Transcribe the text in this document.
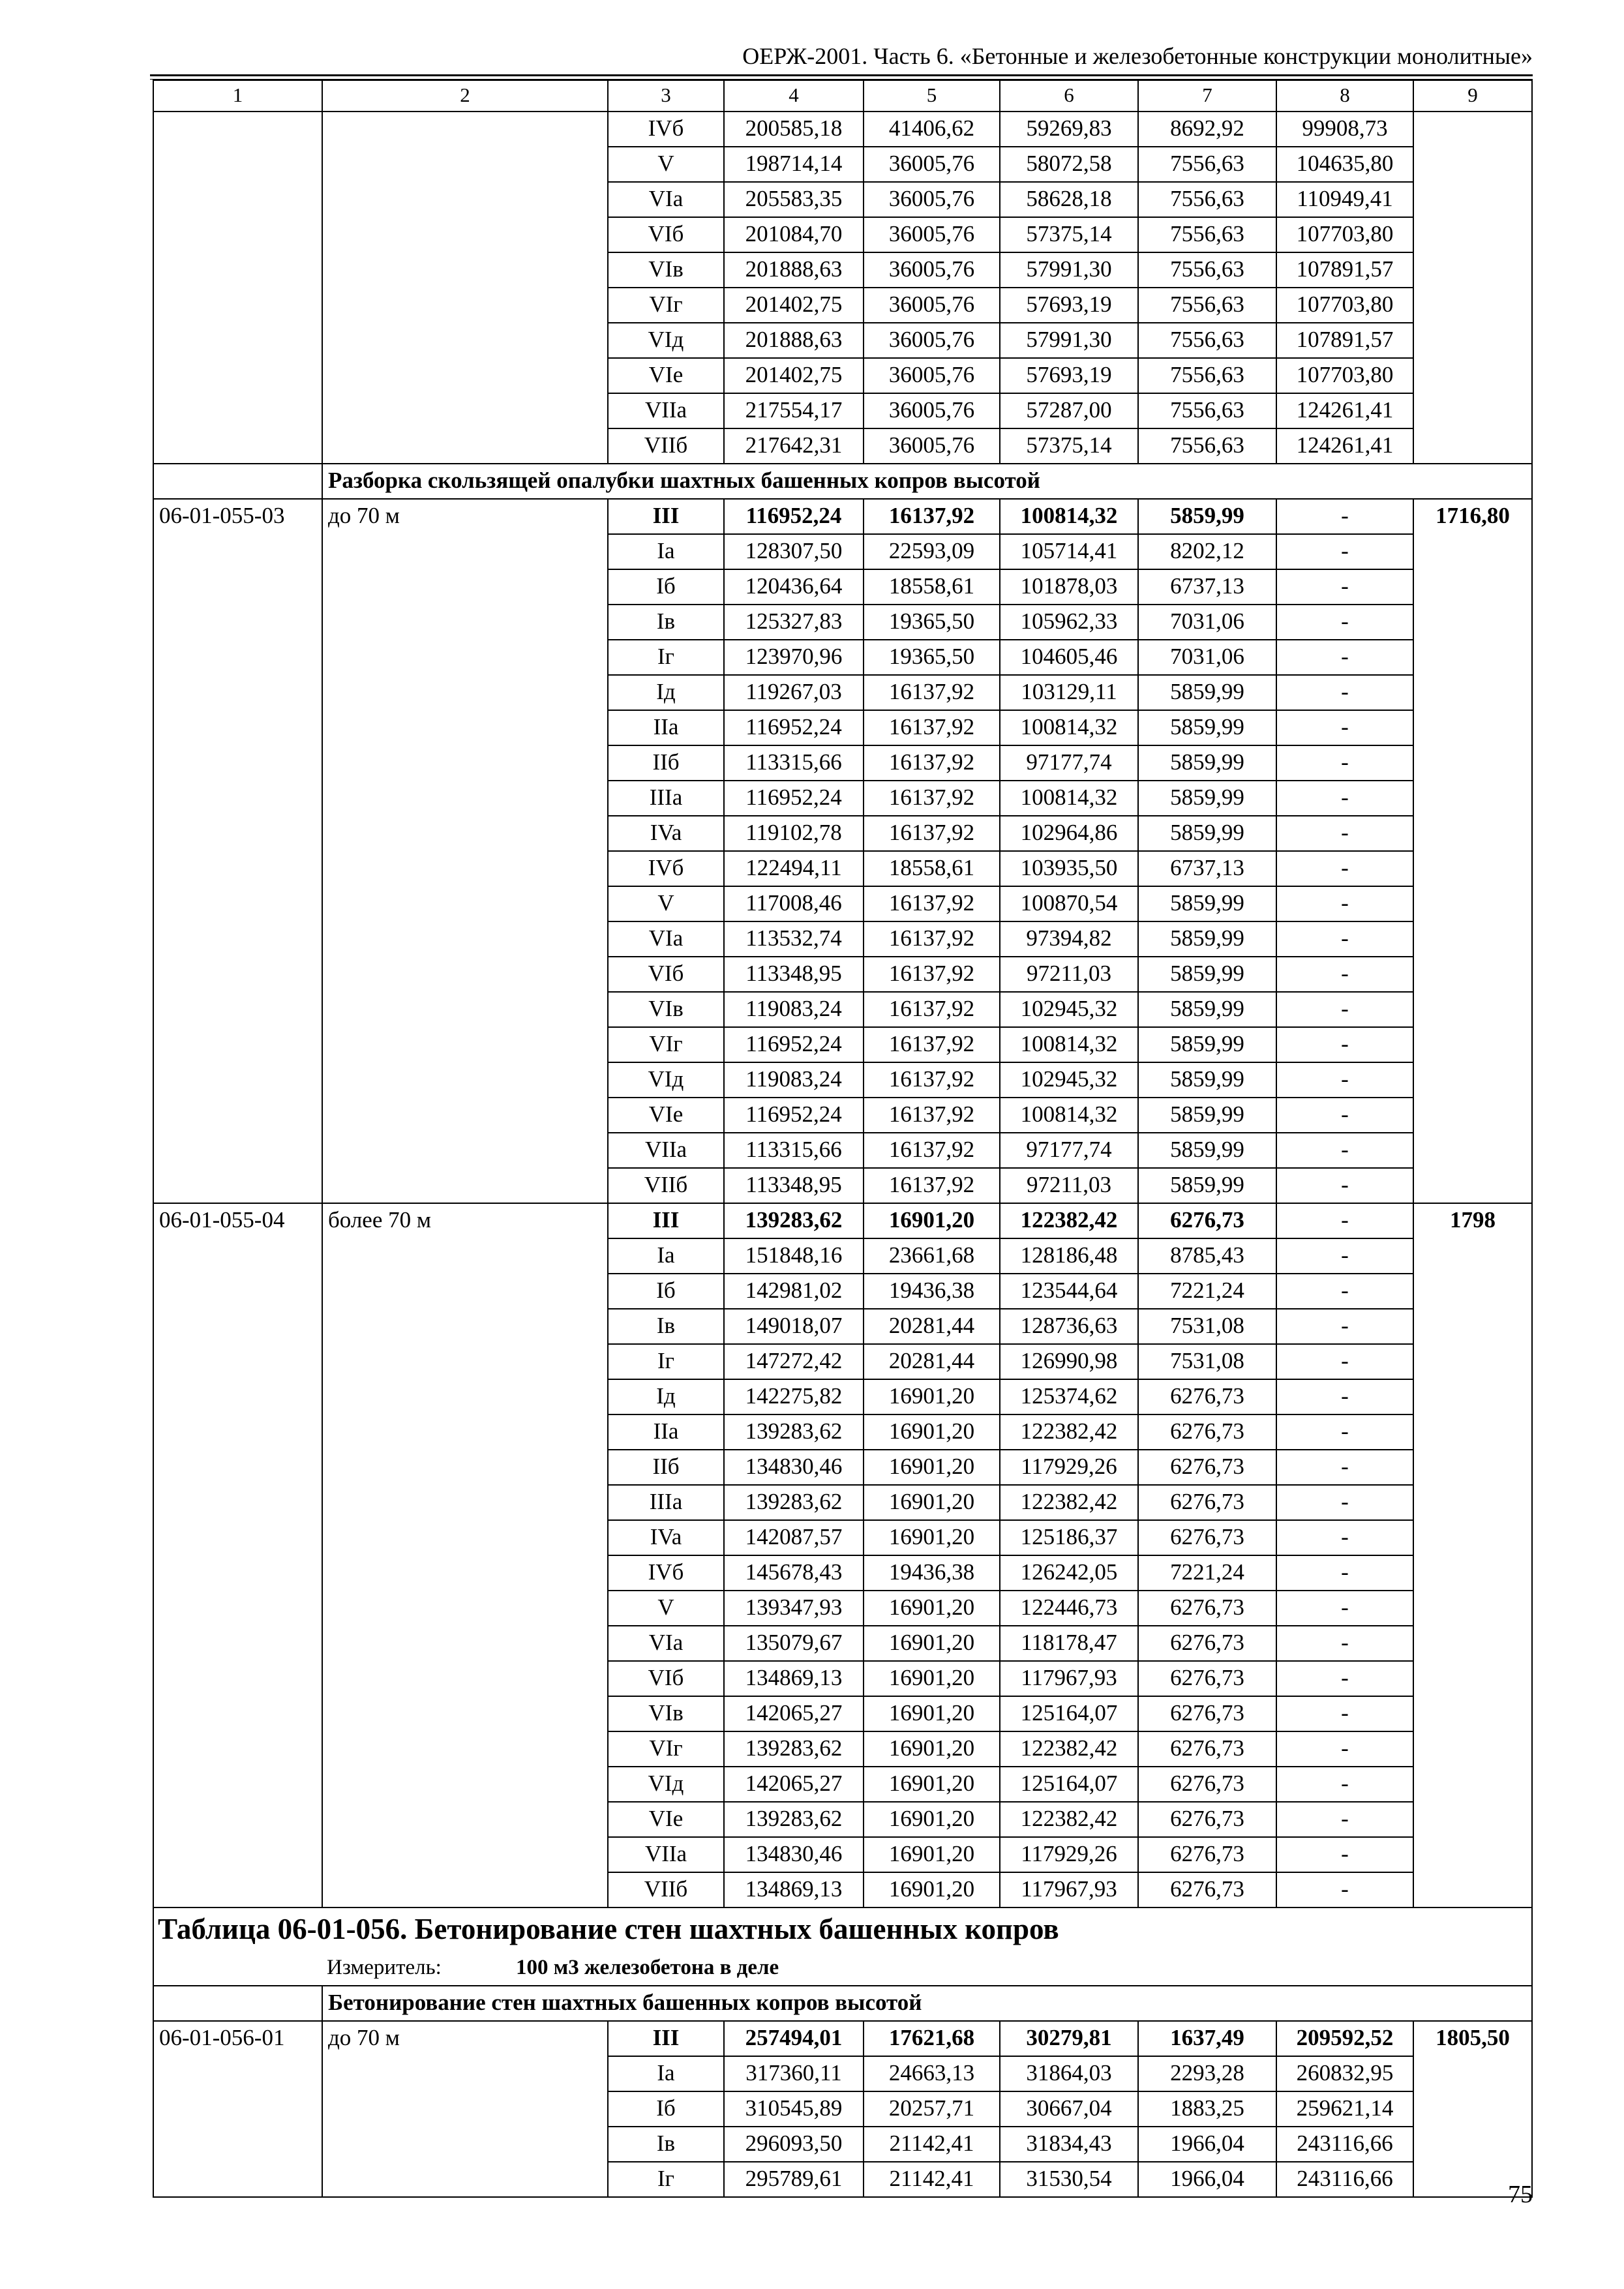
ОЕРЖ-2001. Часть 6. «Бетонные и железобетонные конструкции монолитные»
1	2	3	4	5	6	7	8	9
		IVб	200585,18	41406,62	59269,83	8692,92	99908,73	
		V	198714,14	36005,76	58072,58	7556,63	104635,80	
		VIa	205583,35	36005,76	58628,18	7556,63	110949,41	
		VIб	201084,70	36005,76	57375,14	7556,63	107703,80	
		VIв	201888,63	36005,76	57991,30	7556,63	107891,57	
		VIг	201402,75	36005,76	57693,19	7556,63	107703,80	
		VIд	201888,63	36005,76	57991,30	7556,63	107891,57	
		VIe	201402,75	36005,76	57693,19	7556,63	107703,80	
		VIIa	217554,17	36005,76	57287,00	7556,63	124261,41	
		VIIб	217642,31	36005,76	57375,14	7556,63	124261,41	
	Разборка скользящей опалубки шахтных башенных копров высотой							
06-01-055-03	до 70 м	III	116952,24	16137,92	100814,32	5859,99	-	1716,80
		Ia	128307,50	22593,09	105714,41	8202,12	-	
		Iб	120436,64	18558,61	101878,03	6737,13	-	
		Iв	125327,83	19365,50	105962,33	7031,06	-	
		Iг	123970,96	19365,50	104605,46	7031,06	-	
		Iд	119267,03	16137,92	103129,11	5859,99	-	
		IIa	116952,24	16137,92	100814,32	5859,99	-	
		IIб	113315,66	16137,92	97177,74	5859,99	-	
		IIIa	116952,24	16137,92	100814,32	5859,99	-	
		IVa	119102,78	16137,92	102964,86	5859,99	-	
		IVб	122494,11	18558,61	103935,50	6737,13	-	
		V	117008,46	16137,92	100870,54	5859,99	-	
		VIa	113532,74	16137,92	97394,82	5859,99	-	
		VIб	113348,95	16137,92	97211,03	5859,99	-	
		VIв	119083,24	16137,92	102945,32	5859,99	-	
		VIг	116952,24	16137,92	100814,32	5859,99	-	
		VIд	119083,24	16137,92	102945,32	5859,99	-	
		VIe	116952,24	16137,92	100814,32	5859,99	-	
		VIIa	113315,66	16137,92	97177,74	5859,99	-	
		VIIб	113348,95	16137,92	97211,03	5859,99	-	
06-01-055-04	более 70 м	III	139283,62	16901,20	122382,42	6276,73	-	1798
		Ia	151848,16	23661,68	128186,48	8785,43	-	
		Iб	142981,02	19436,38	123544,64	7221,24	-	
		Iв	149018,07	20281,44	128736,63	7531,08	-	
		Iг	147272,42	20281,44	126990,98	7531,08	-	
		Iд	142275,82	16901,20	125374,62	6276,73	-	
		IIa	139283,62	16901,20	122382,42	6276,73	-	
		IIб	134830,46	16901,20	117929,26	6276,73	-	
		IIIa	139283,62	16901,20	122382,42	6276,73	-	
		IVa	142087,57	16901,20	125186,37	6276,73	-	
		IVб	145678,43	19436,38	126242,05	7221,24	-	
		V	139347,93	16901,20	122446,73	6276,73	-	
		VIa	135079,67	16901,20	118178,47	6276,73	-	
		VIб	134869,13	16901,20	117967,93	6276,73	-	
		VIв	142065,27	16901,20	125164,07	6276,73	-	
		VIг	139283,62	16901,20	122382,42	6276,73	-	
		VIд	142065,27	16901,20	125164,07	6276,73	-	
		VIe	139283,62	16901,20	122382,42	6276,73	-	
		VIIa	134830,46	16901,20	117929,26	6276,73	-	
		VIIб	134869,13	16901,20	117967,93	6276,73	-	
Таблица 06-01-056. Бетонирование стен шахтных башенных копров								
Измеритель: 100 м3 железобетона в деле								
	Бетонирование стен шахтных башенных копров высотой							
06-01-056-01	до 70 м	III	257494,01	17621,68	30279,81	1637,49	209592,52	1805,50
		Ia	317360,11	24663,13	31864,03	2293,28	260832,95	
		Iб	310545,89	20257,71	30667,04	1883,25	259621,14	
		Iв	296093,50	21142,41	31834,43	1966,04	243116,66	
		Iг	295789,61	21142,41	31530,54	1966,04	243116,66	
75
